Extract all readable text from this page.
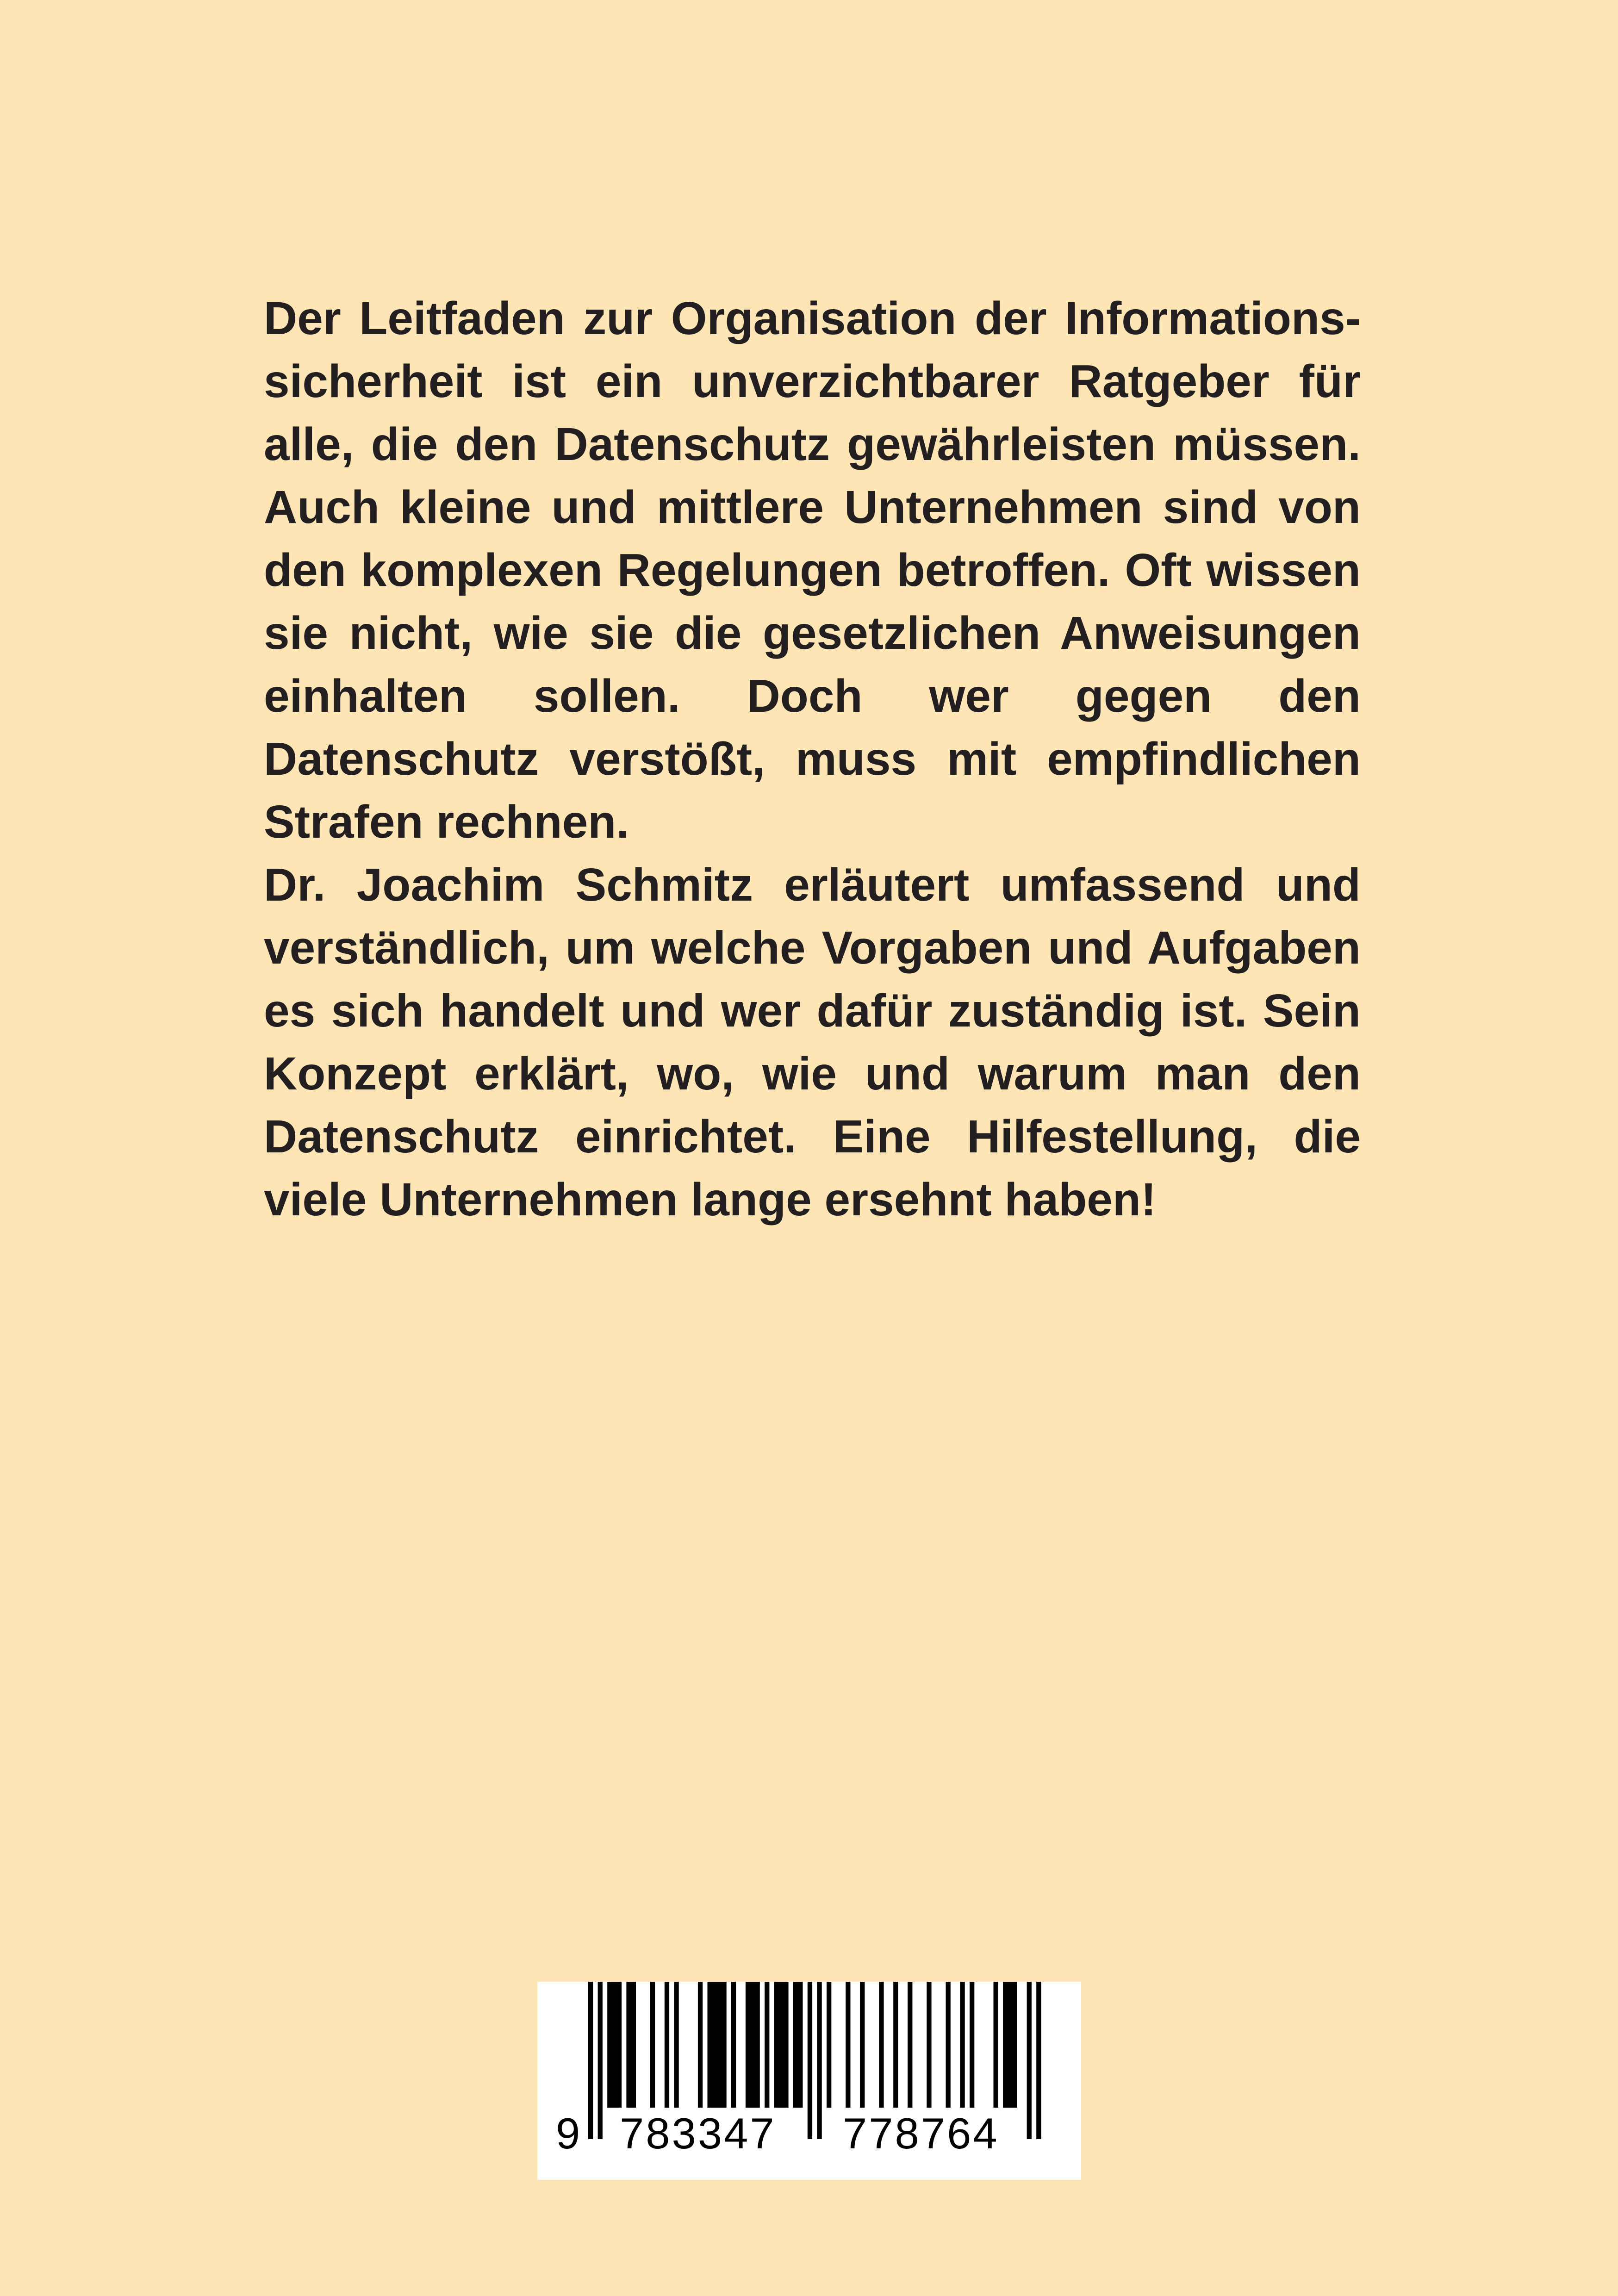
Der Leitfaden zur Organisation der Informationssicherheit ist ein unverzichtbarer Ratgeber für alle, die den Datenschutz gewährleisten müssen. Auch kleine und mittlere Unternehmen sind von den komplexen Regelungen betroffen. Oft wissen sie nicht, wie sie die gesetzlichen Anweisungen einhalten sollen. Doch wer gegen den Datenschutz verstößt, muss mit empfindlichen Strafen rechnen.

Dr. Joachim Schmitz erläutert umfassend und verständlich, um welche Vorgaben und Aufgaben es sich handelt und wer dafür zuständig ist. Sein Konzept erklärt, wo, wie und warum man den Datenschutz einrichtet. Eine Hilfestellung, die viele Unternehmen lange ersehnt haben!

9 783347 778764
